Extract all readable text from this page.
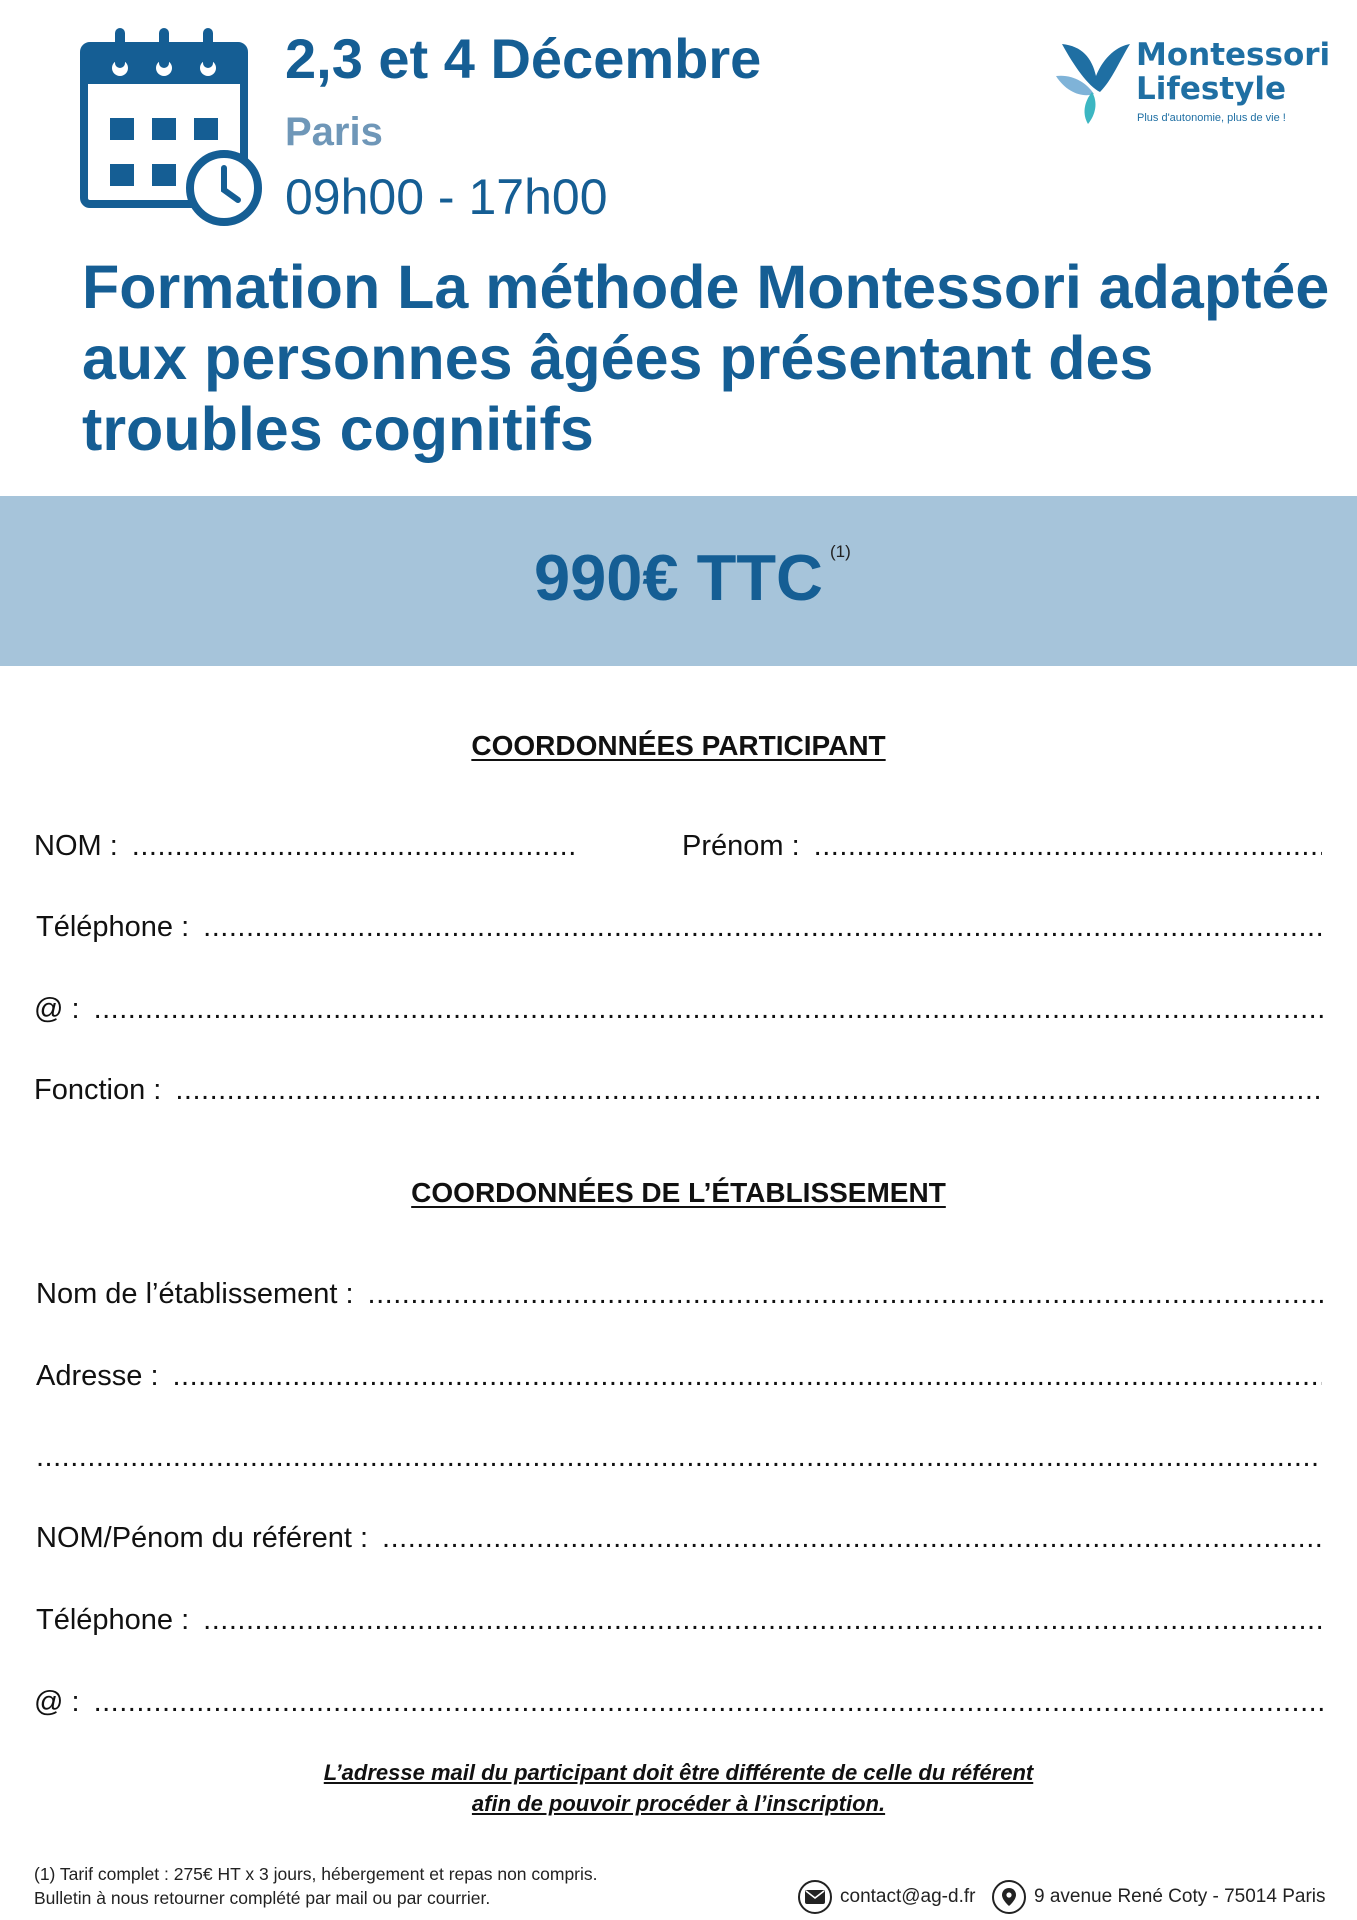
2,3 et 4 Décembre
Paris
09h00 - 17h00
Montessori
Lifestyle
Plus d'autonomie, plus de vie !
Formation La méthode Montessori adaptée aux personnes âgées présentant des troubles cognitifs
990€ TTC (1)
COORDONNÉES PARTICIPANT
NOM :
.....	Prénom :
.....
Téléphone :
.....
@ :
.....
Fonction :
.....
COORDONNÉES DE L’ÉTABLISSEMENT
Nom de l’établissement :
.....
Adresse :
.....
.....
NOM/Pénom du référent :
.....
Téléphone :
.....
@ :
.....
L’adresse mail du participant doit être différente de celle du référent
afin de pouvoir procéder à l’inscription.
(1) Tarif complet : 275€ HT x 3 jours, hébergement et repas non compris.
Bulletin à nous retourner complété par mail ou par courrier.	contact@ag-d.fr	9 avenue René Coty - 75014 Paris
